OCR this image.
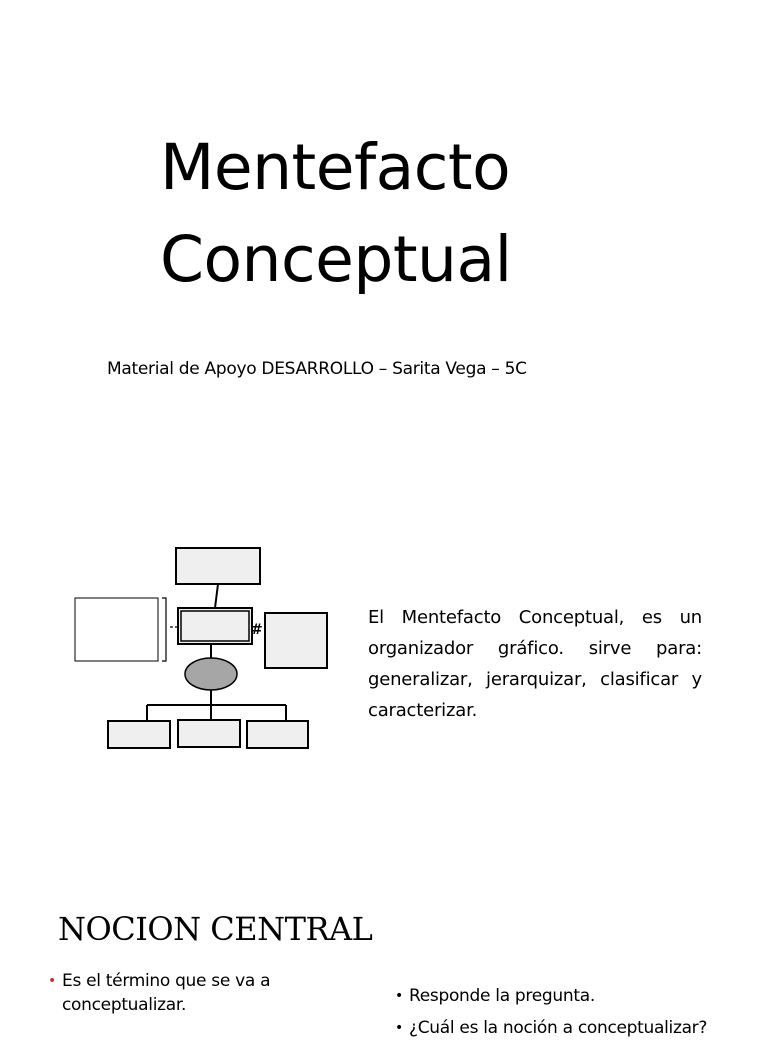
Mentefacto
Conceptual
Material de Apoyo DESARROLLO – Sarita Vega – 5C
#

El Mentefacto Conceptual, es un organizador gráfico. sirve para: generalizar, jerarquizar, clasificar y caracterizar.

NOCION CENTRAL
• Es el término que se va a conceptualizar.
•	Responde la pregunta.
• ¿Cuál es la noción a conceptualizar?
